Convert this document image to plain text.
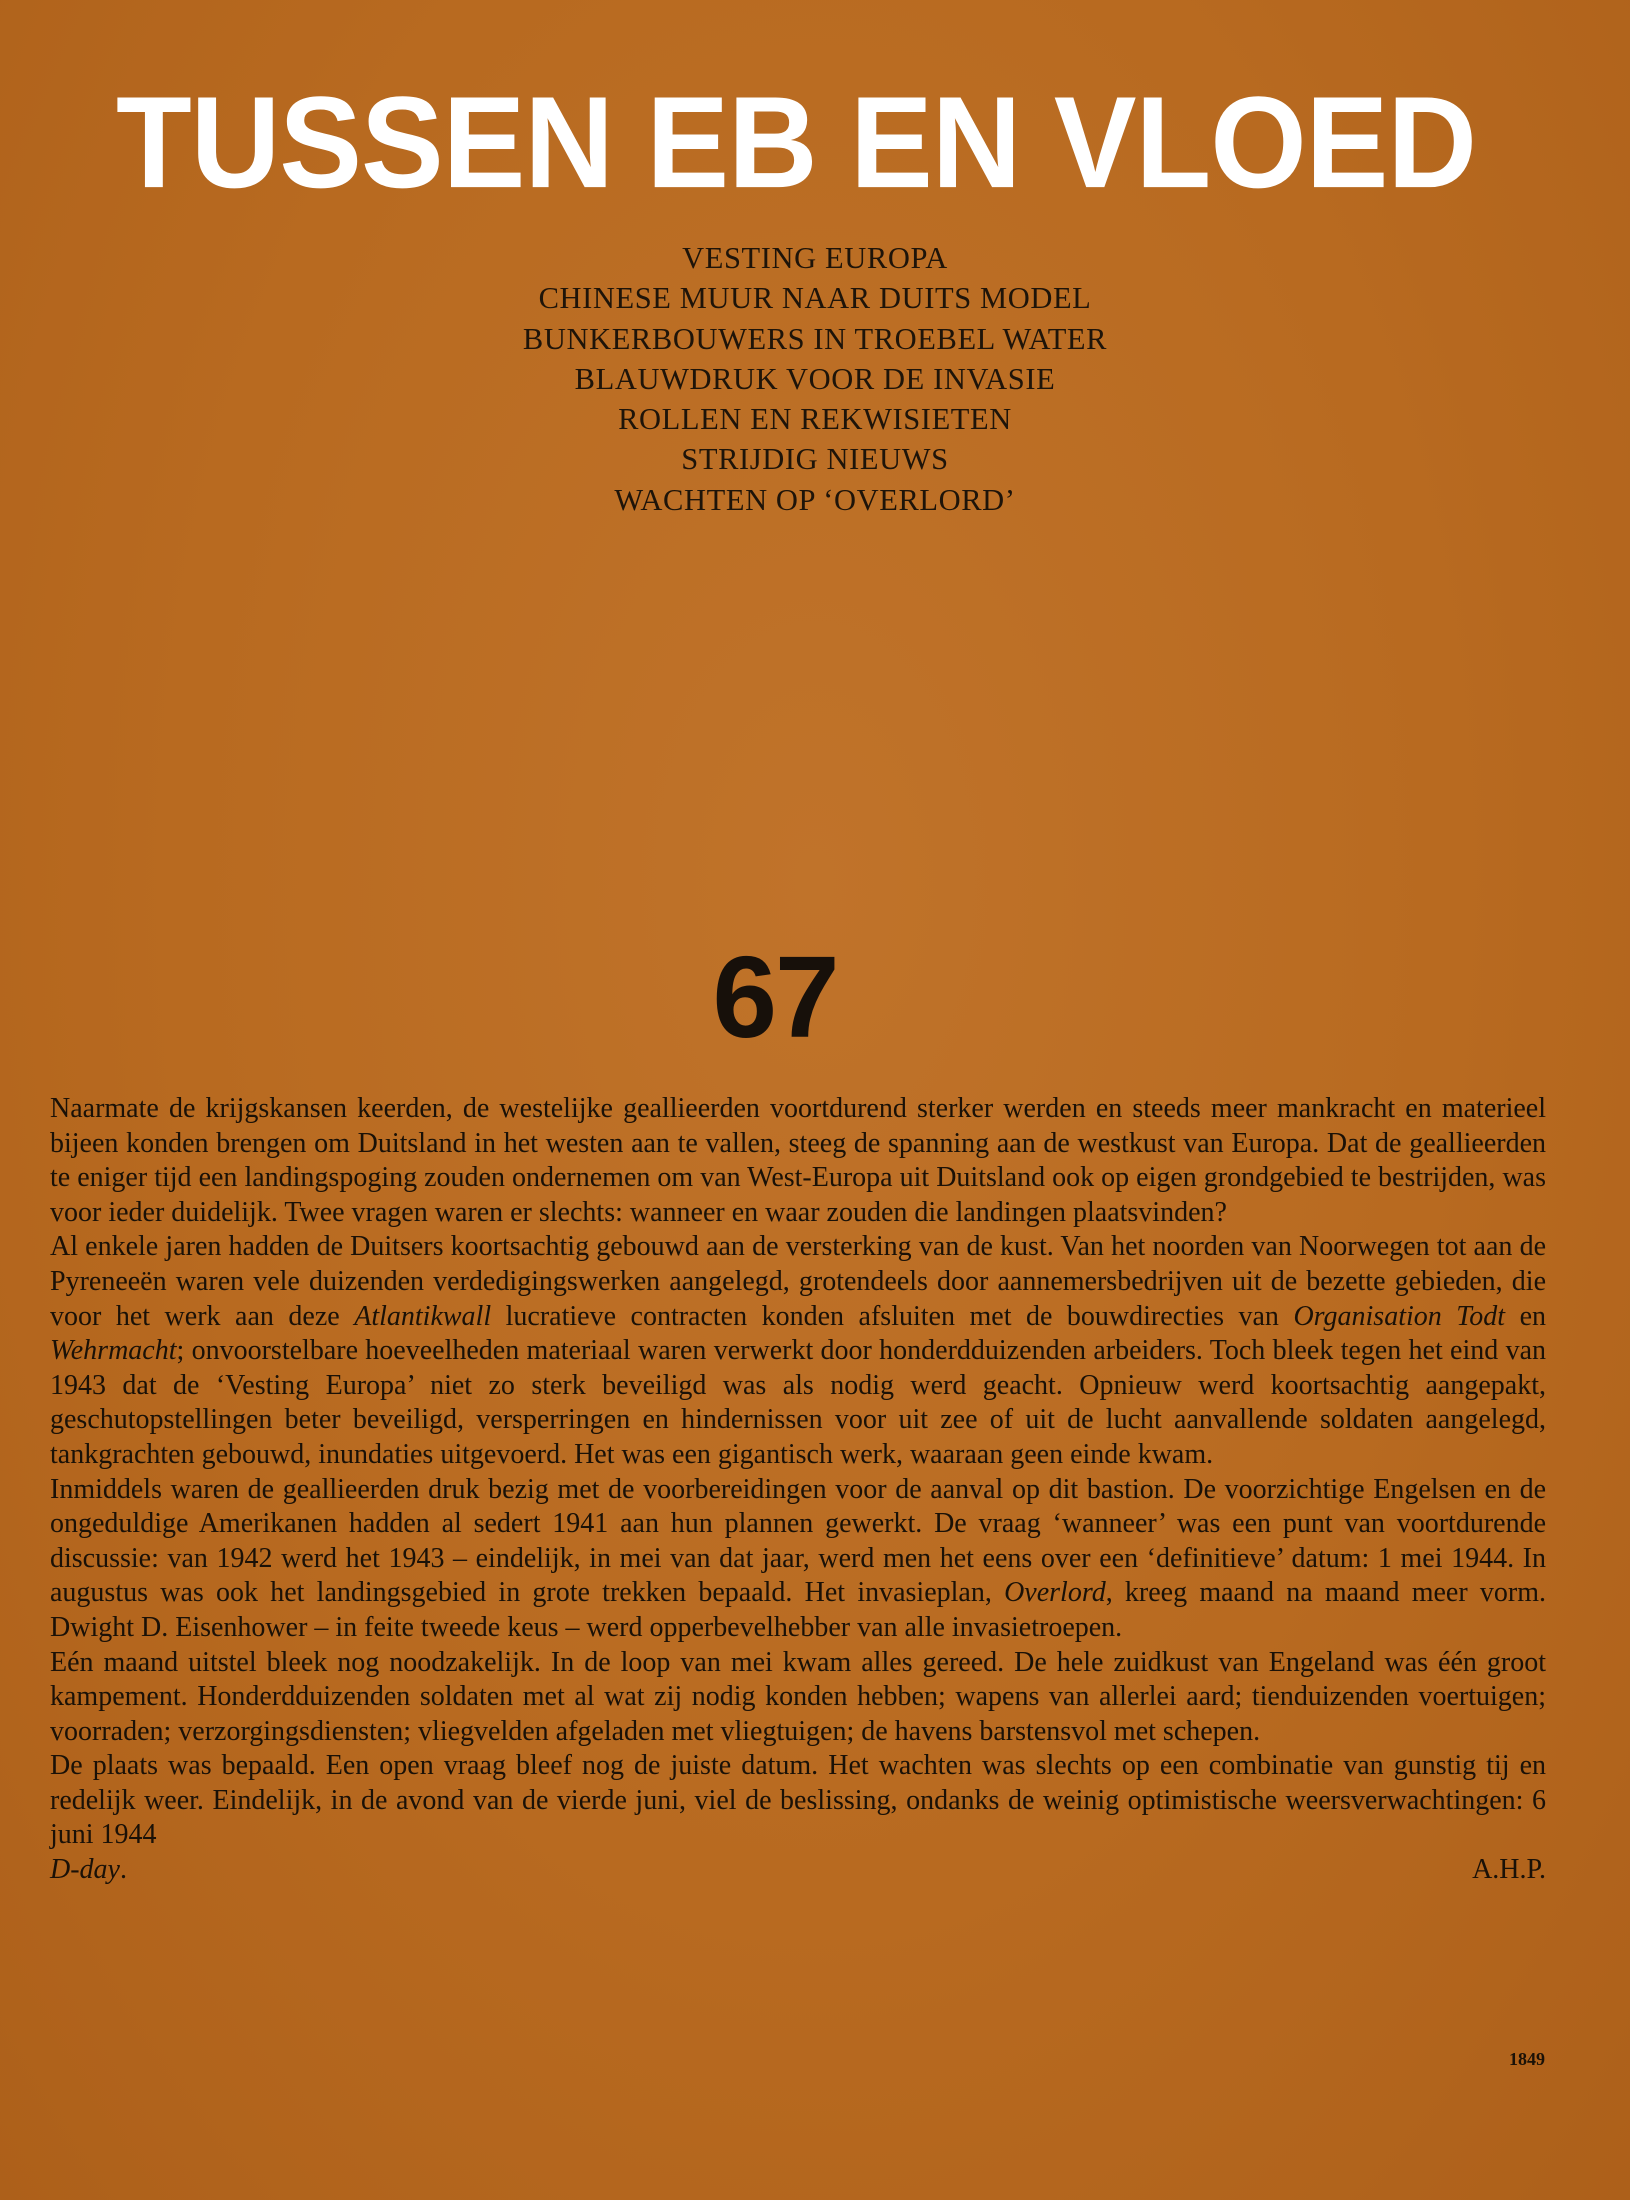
TUSSEN EB EN VLOED
VESTING EUROPA
CHINESE MUUR NAAR DUITS MODEL
BUNKERBOUWERS IN TROEBEL WATER
BLAUWDRUK VOOR DE INVASIE
ROLLEN EN REKWISIETEN
STRIJDIG NIEUWS
WACHTEN OP ‘OVERLORD’
67

Naarmate de krijgskansen keerden, de westelijke geallieerden voortdurend sterker werden en steeds meer mankracht en materieel bijeen konden brengen om Duitsland in het westen aan te vallen, steeg de spanning aan de westkust van Europa. Dat de geallieerden te eniger tijd een landingspoging zouden ondernemen om van West-Europa uit Duitsland ook op eigen grondgebied te bestrijden, was voor ieder duidelijk. Twee vragen waren er slechts: wanneer en waar zouden die landingen plaatsvinden?

Al enkele jaren hadden de Duitsers koortsachtig gebouwd aan de versterking van de kust. Van het noorden van Noorwegen tot aan de Pyreneeën waren vele duizenden verdedigingswerken aangelegd, grotendeels door aannemersbedrijven uit de bezette gebieden, die voor het werk aan deze Atlantikwall lucratieve contracten konden afsluiten met de bouwdirecties van Organisation Todt en Wehrmacht; onvoorstelbare hoeveelheden materiaal waren verwerkt door honderdduizenden arbeiders. Toch bleek tegen het eind van 1943 dat de ‘Vesting Europa’ niet zo sterk beveiligd was als nodig werd geacht. Opnieuw werd koortsachtig aangepakt, geschutopstellingen beter beveiligd, versperringen en hindernissen voor uit zee of uit de lucht aanvallende soldaten aangelegd, tankgrachten gebouwd, inundaties uitgevoerd. Het was een gigantisch werk, waaraan geen einde kwam.

Inmiddels waren de geallieerden druk bezig met de voorbereidingen voor de aanval op dit bastion. De voorzichtige Engelsen en de ongeduldige Amerikanen hadden al sedert 1941 aan hun plannen gewerkt. De vraag ‘wanneer’ was een punt van voortdurende discussie: van 1942 werd het 1943 – eindelijk, in mei van dat jaar, werd men het eens over een ‘definitieve’ datum: 1 mei 1944. In augustus was ook het landingsgebied in grote trekken bepaald. Het invasieplan, Overlord, kreeg maand na maand meer vorm. Dwight D. Eisenhower – in feite tweede keus – werd opperbevelhebber van alle invasietroepen.

Eén maand uitstel bleek nog noodzakelijk. In de loop van mei kwam alles gereed. De hele zuidkust van Engeland was één groot kampement. Honderdduizenden soldaten met al wat zij nodig konden hebben; wapens van allerlei aard; tienduizenden voertuigen; voorraden; verzorgingsdiensten; vliegvelden afgeladen met vliegtuigen; de havens barstensvol met schepen.

De plaats was bepaald. Een open vraag bleef nog de juiste datum. Het wachten was slechts op een combinatie van gunstig tij en redelijk weer. Eindelijk, in de avond van de vierde juni, viel de beslissing, ondanks de weinig optimistische weersverwachtingen: 6 juni 1944

D-day.	A.H.P.
1849
